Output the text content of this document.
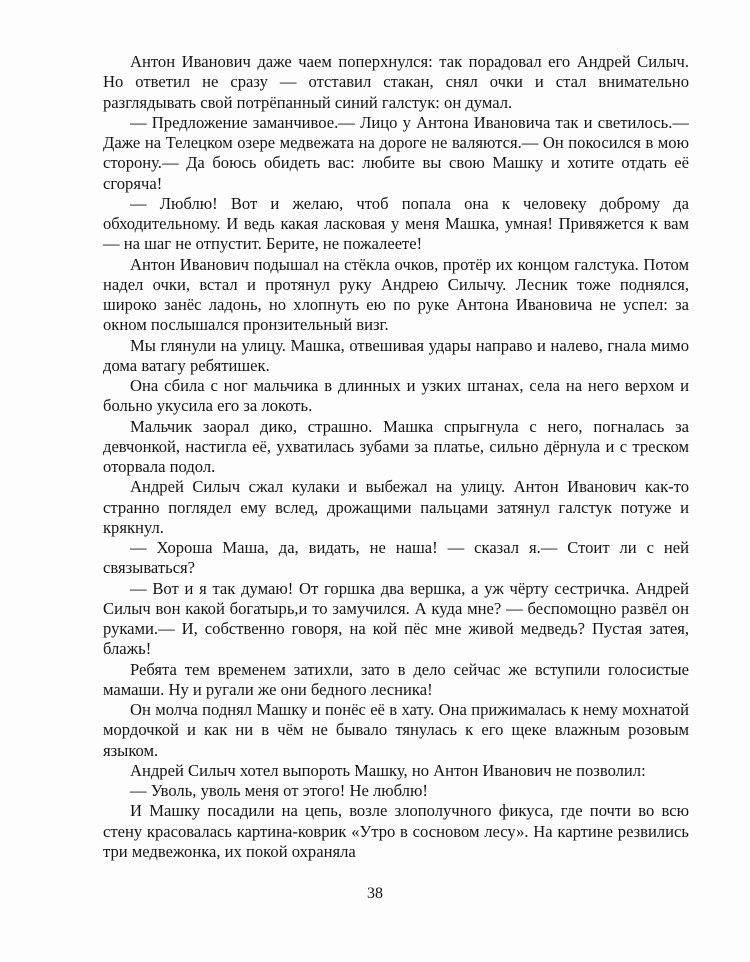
Антон Иванович даже чаем поперхнулся: так порадовал его Андрей Силыч. Но ответил не сразу — отставил стакан, снял очки и стал внимательно разглядывать свой потрёпанный синий галстук: он думал.

— Предложение заманчивое.— Лицо у Антона Ивановича так и светилось.— Даже на Телецком озере медвежата на дороге не валяются.— Он покосился в мою сторону.— Да боюсь обидеть вас: любите вы свою Машку и хотите отдать её сгоряча!

— Люблю! Вот и желаю, чтоб попала она к человеку доброму да обходительному. И ведь какая ласковая у меня Машка, умная! Привяжется к вам — на шаг не отпустит. Берите, не пожалеете!

Антон Иванович подышал на стёкла очков, протёр их концом галстука. Потом надел очки, встал и протянул руку Андрею Силычу. Лесник тоже поднялся, широко занёс ладонь, но хлопнуть ею по руке Антона Ивановича не успел: за окном послышался пронзительный визг.

Мы глянули на улицу. Машка, отвешивая удары направо и налево, гнала мимо дома ватагу ребятишек.

Она сбила с ног мальчика в длинных и узких штанах, села на него верхом и больно укусила его за локоть.

Мальчик заорал дико, страшно. Машка спрыгнула с него, погналась за девчонкой, настигла её, ухватилась зубами за платье, сильно дёрнула и с треском оторвала подол.

Андрей Силыч сжал кулаки и выбежал на улицу. Антон Иванович как-то странно поглядел ему вслед, дрожащими пальцами затянул галстук потуже и крякнул.

— Хороша Маша, да, видать, не наша! — сказал я.— Стоит ли с ней связываться?

— Вот и я так думаю! От горшка два вершка, а уж чёрту сестричка. Андрей Силыч вон какой богатырь,и то замучился. А куда мне? — беспомощно развёл он руками.— И, собственно говоря, на кой пёс мне живой медведь? Пустая затея, блажь!

Ребята тем временем затихли, зато в дело сейчас же вступили голосистые мамаши. Ну и ругали же они бедного лесника!

Он молча поднял Машку и понёс её в хату. Она прижималась к нему мохнатой мордочкой и как ни в чём не бывало тянулась к его щеке влажным розовым языком.

Андрей Силыч хотел выпороть Машку, но Антон Иванович не позволил:

— Уволь, уволь меня от этого! Не люблю!

И Машку посадили на цепь, возле злополучного фикуса, где почти во всю стену красовалась картина-коврик «Утро в сосновом лесу». На картине резвились три медвежонка, их покой охраняла

38
